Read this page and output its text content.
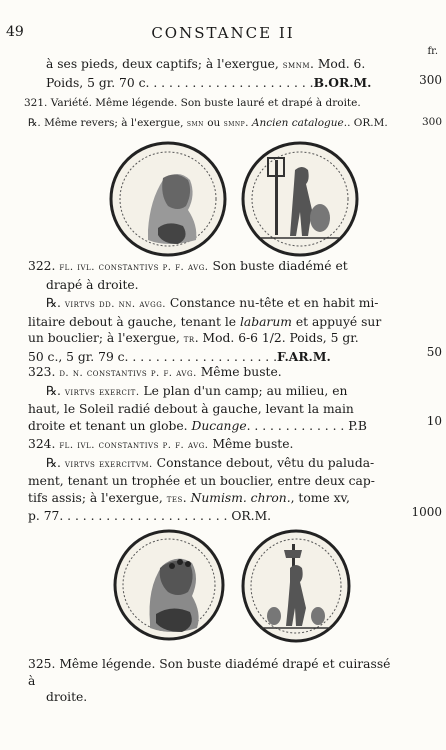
49	CONSTANCE II
fr.
à ses pieds, deux captifs; à l'exergue, smnm. Mod. 6.
Poids, 5 gr. 70 c. . . . . . . . . . . . . . . . . . . . . .B.OR.M.	300
321. Variété. Même légende. Son buste lauré et drapé à droite.
℞. Même revers; à l'exergue, smn ou smnp. Ancien catalogue.. OR.M.	300
322. fl. ivl. constantivs p. f. avg. Son buste diadémé et
drapé à droite.
℞. virtvs dd. nn. avgg. Constance nu-tête et en habit mi-
litaire debout à gauche, tenant le labarum et appuyé sur
un bouclier; à l'exergue, tr. Mod. 6-6 1/2. Poids, 5 gr.
50 c., 5 gr. 79 c. . . . . . . . . . . . . . . . . . . .F.AR.M.	50
323. d. n. constantivs p. f. avg. Même buste.
℞. virtvs exercit. Le plan d'un camp; au milieu, en
haut, le Soleil radié debout à gauche, levant la main
droite et tenant un globe. Ducange. . . . . . . . . . . . . P.B	10
324. fl. ivl. constantivs p. f. avg. Même buste.
℞. virtvs exercitvm. Constance debout, vêtu du paluda-
ment, tenant un trophée et un bouclier, entre deux cap-
tifs assis; à l'exergue, tes. Numism. chron., tome xv,
p. 77. . . . . . . . . . . . . . . . . . . . . . OR.M.	1000
325. Même légende. Son buste diadémé drapé et cuirassé à
droite.
